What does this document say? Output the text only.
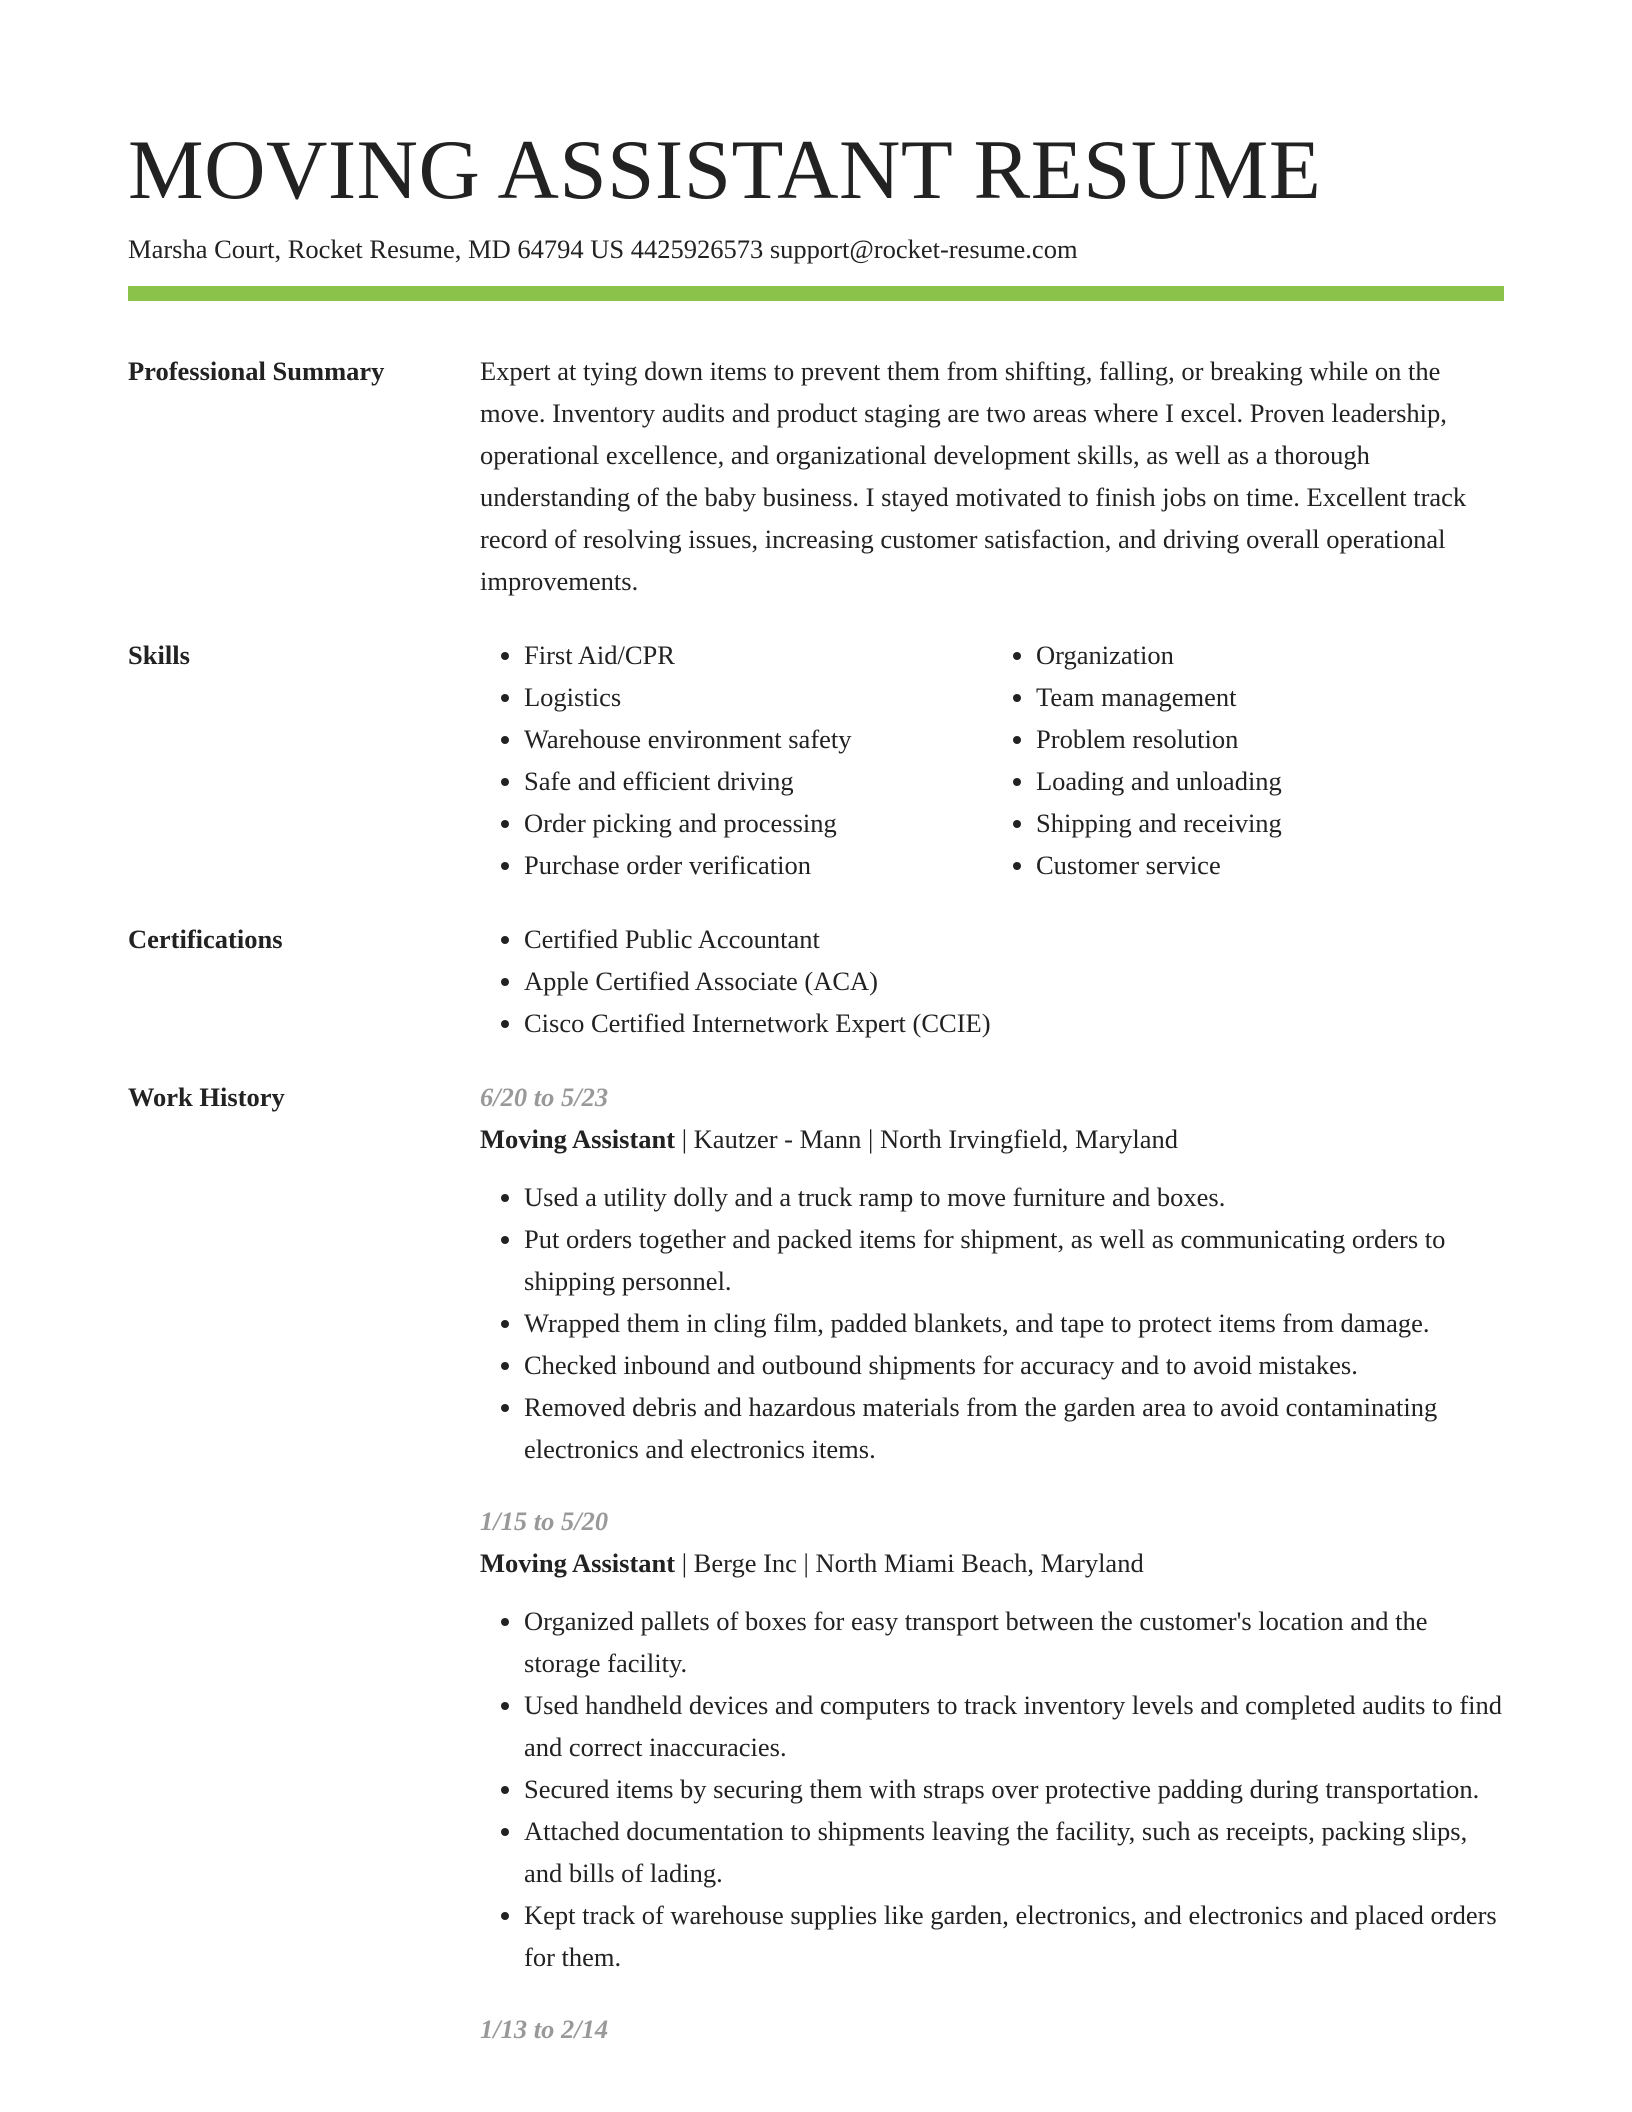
MOVING ASSISTANT RESUME
Marsha Court, Rocket Resume, MD 64794 US 4425926573 support@rocket-resume.com
Professional Summary	Expert at tying down items to prevent them from shifting, falling, or breaking while on the move. Inventory audits and product staging are two areas where I excel. Proven leadership, operational excellence, and organizational development skills, as well as a thorough understanding of the baby business. I stayed motivated to finish jobs on time. Excellent track record of resolving issues, increasing customer satisfaction, and driving overall operational improvements.

Skills	• First Aid/CPR
• Logistics
• Warehouse environment safety
• Safe and efficient driving
• Order picking and processing
• Purchase order verification
• Organization
• Team management
• Problem resolution
• Loading and unloading
• Shipping and receiving
• Customer service
Certifications	• Certified Public Accountant
• Apple Certified Associate (ACA)
• Cisco Certified Internetwork Expert (CCIE)
Work History	6/20 to 5/23
Moving Assistant | Kautzer - Mann | North Irvingfield, Maryland
• Used a utility dolly and a truck ramp to move furniture and boxes.
• Put orders together and packed items for shipment, as well as communicating orders to shipping personnel.
• Wrapped them in cling film, padded blankets, and tape to protect items from damage.
• Checked inbound and outbound shipments for accuracy and to avoid mistakes.
• Removed debris and hazardous materials from the garden area to avoid contaminating electronics and electronics items.
1/15 to 5/20
Moving Assistant | Berge Inc | North Miami Beach, Maryland
• Organized pallets of boxes for easy transport between the customer's location and the storage facility.
• Used handheld devices and computers to track inventory levels and completed audits to find and correct inaccuracies.
• Secured items by securing them with straps over protective padding during transportation.
• Attached documentation to shipments leaving the facility, such as receipts, packing slips, and bills of lading.
• Kept track of warehouse supplies like garden, electronics, and electronics and placed orders for them.
1/13 to 2/14
